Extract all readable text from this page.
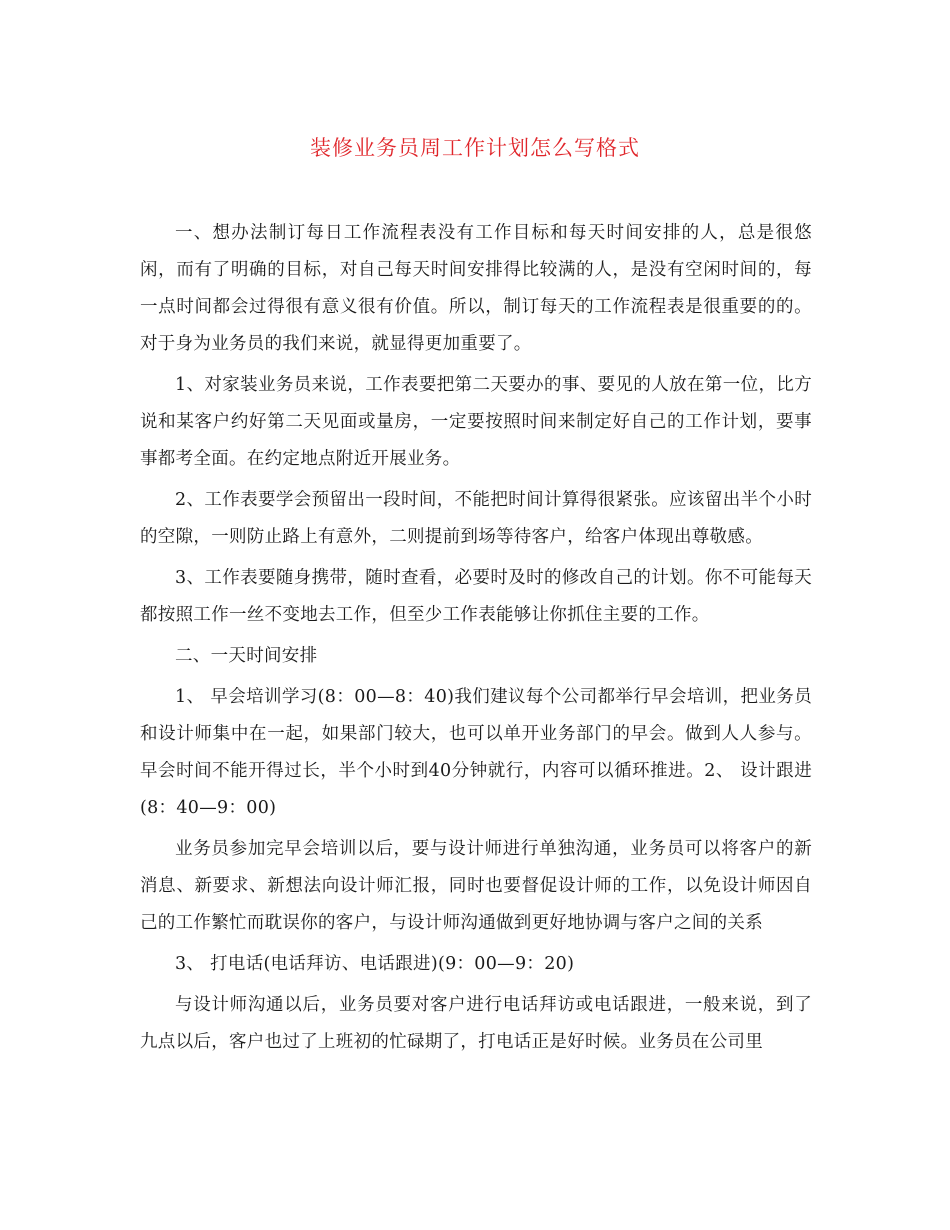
装修业务员周工作计划怎么写格式

一、想办法制订每日工作流程表没有工作目标和每天时间安排的人，总是很悠闲，而有了明确的目标，对自己每天时间安排得比较满的人，是没有空闲时间的，每一点时间都会过得很有意义很有价值。所以，制订每天的工作流程表是很重要的的。对于身为业务员的我们来说，就显得更加重要了。

1、对家装业务员来说，工作表要把第二天要办的事、要见的人放在第一位，比方说和某客户约好第二天见面或量房，一定要按照时间来制定好自己的工作计划，要事事都考全面。在约定地点附近开展业务。

2、工作表要学会预留出一段时间，不能把时间计算得很紧张。应该留出半个小时的空隙，一则防止路上有意外，二则提前到场等待客户，给客户体现出尊敬感。

3、工作表要随身携带，随时查看，必要时及时的修改自己的计划。你不可能每天都按照工作一丝不变地去工作，但至少工作表能够让你抓住主要的工作。

二、一天时间安排

1、 早会培训学习(8：00—8：40)我们建议每个公司都举行早会培训，把业务员和设计师集中在一起，如果部门较大，也可以单开业务部门的早会。做到人人参与。早会时间不能开得过长，半个小时到40分钟就行，内容可以循环推进。2、 设计跟进(8：40—9：00)

业务员参加完早会培训以后，要与设计师进行单独沟通，业务员可以将客户的新消息、新要求、新想法向设计师汇报，同时也要督促设计师的工作，以免设计师因自己的工作繁忙而耽误你的客户，与设计师沟通做到更好地协调与客户之间的关系

3、 打电话(电话拜访、电话跟进)(9：00—9：20)

与设计师沟通以后，业务员要对客户进行电话拜访或电话跟进，一般来说，到了九点以后，客户也过了上班初的忙碌期了，打电话正是好时候。业务员在公司里
